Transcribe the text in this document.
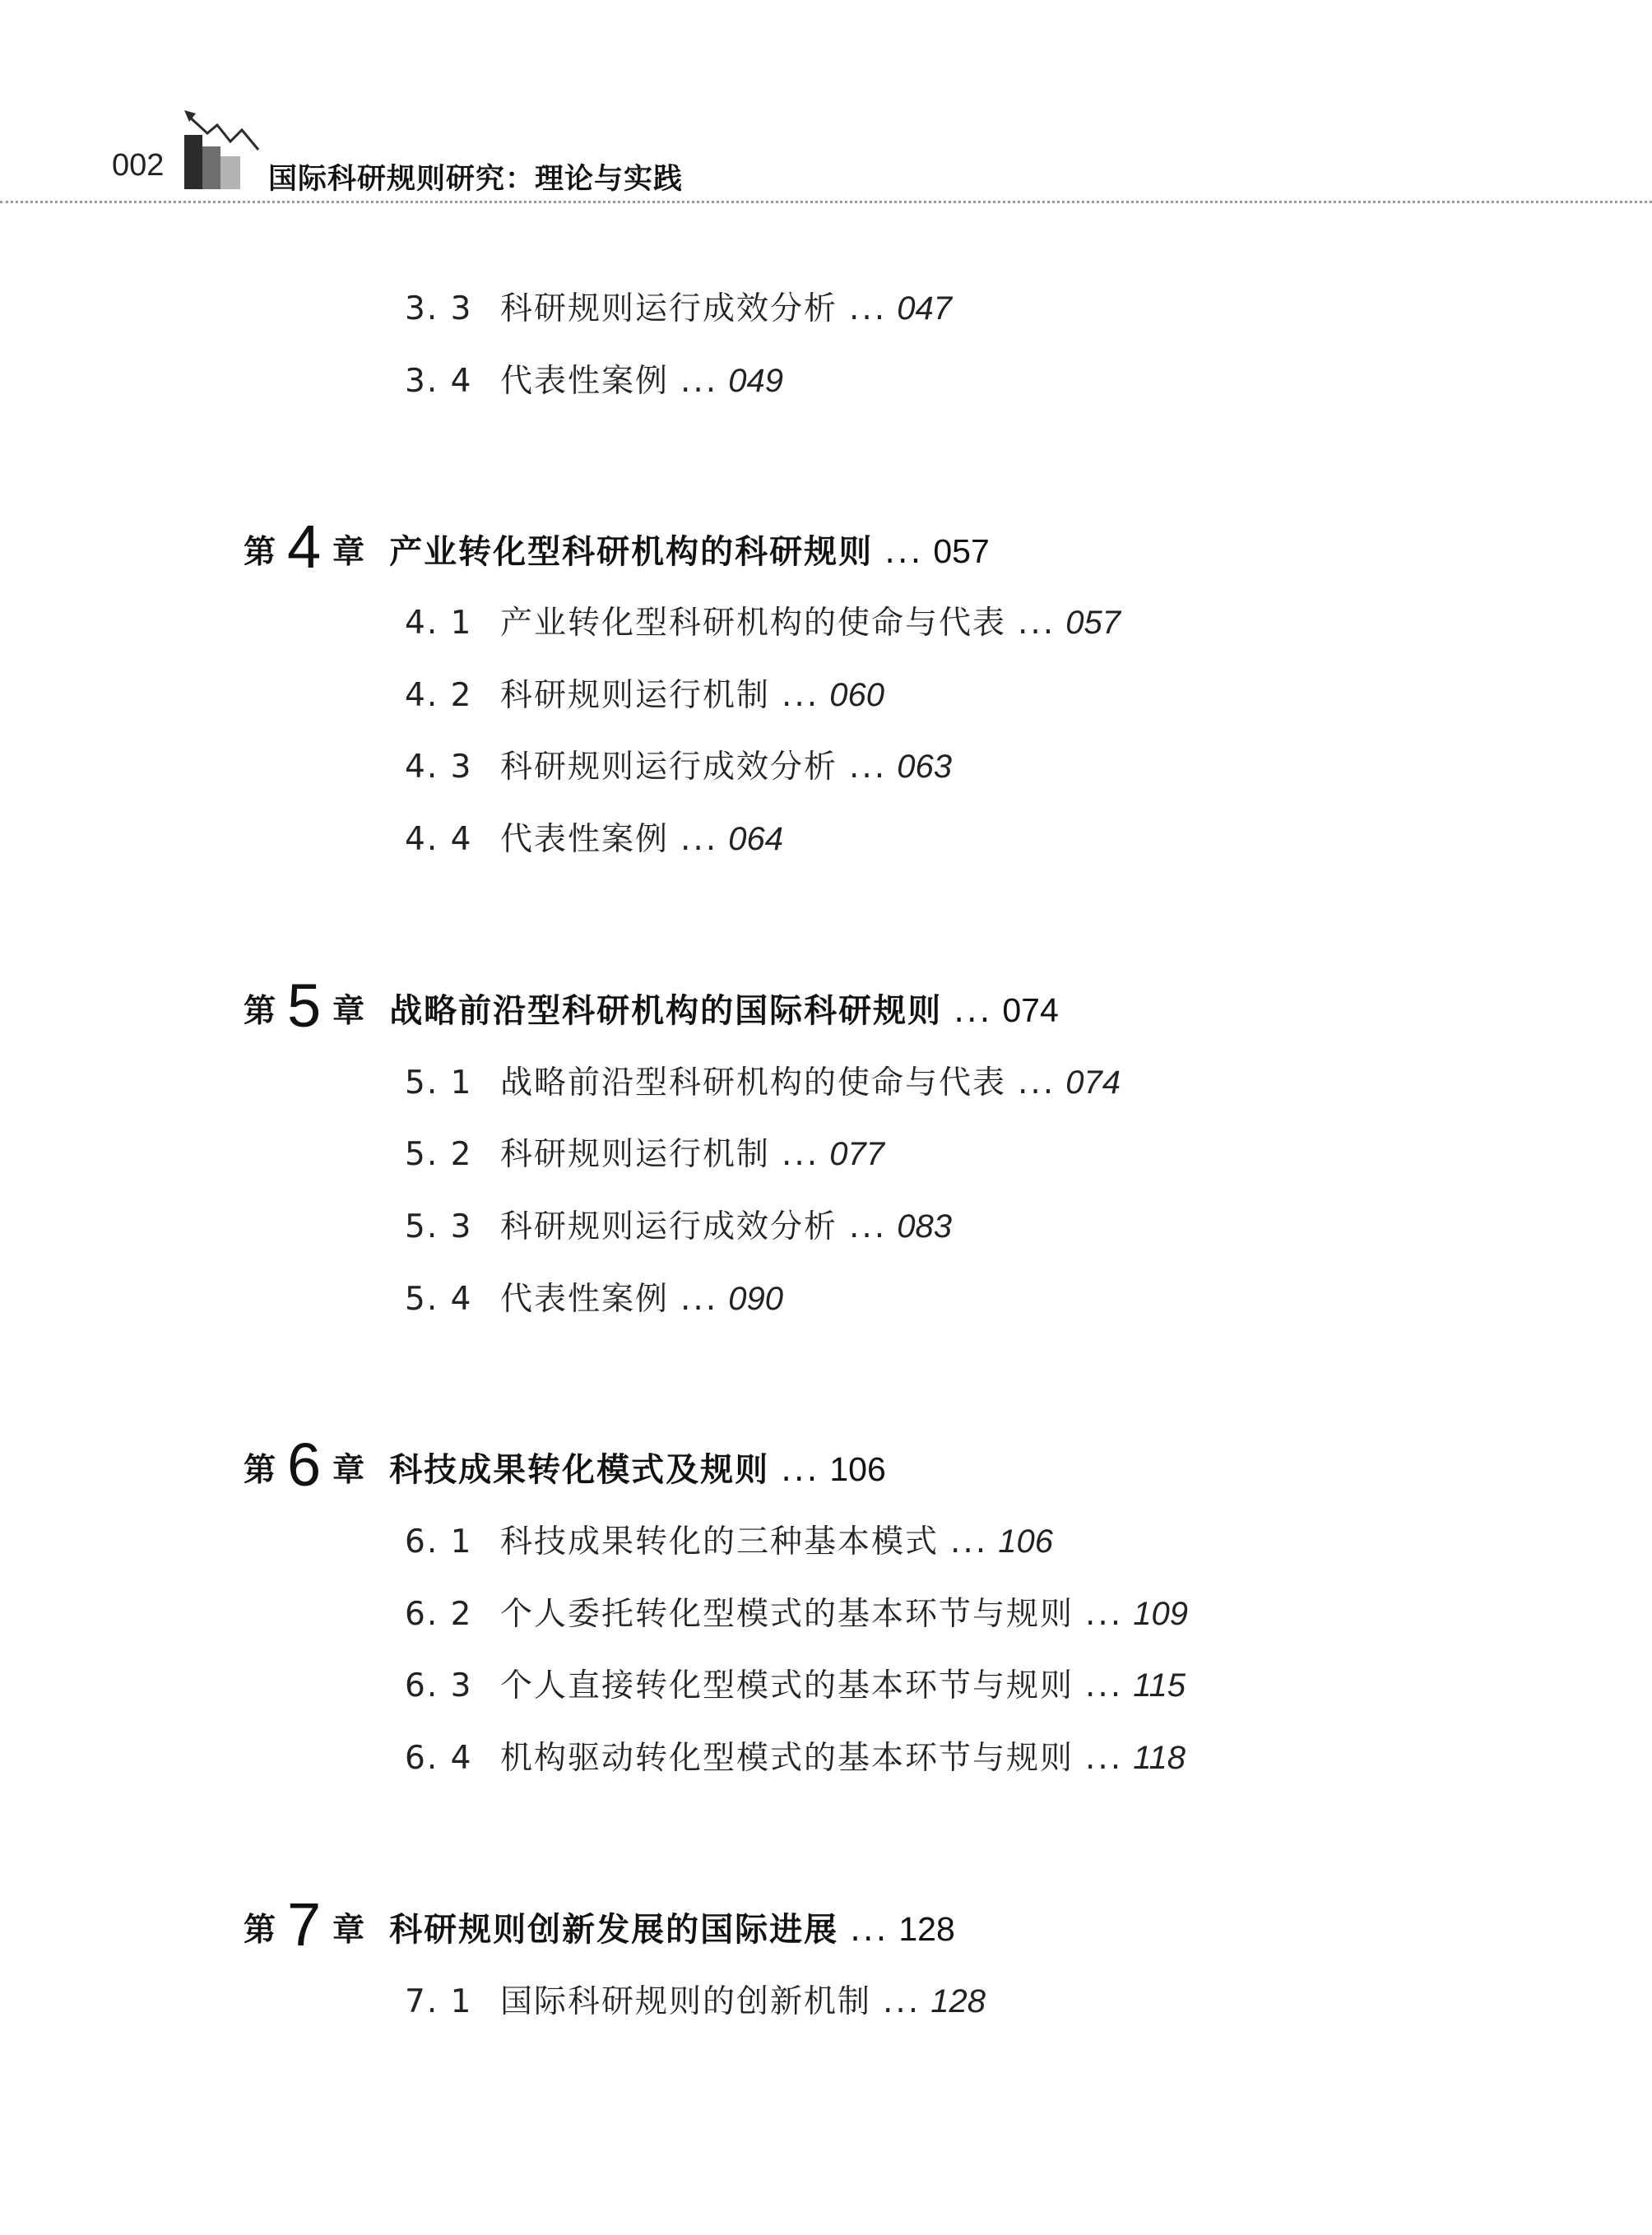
002	国际科研规则研究：理论与实践
3. 3 科研规则运行成效分析 ... 047
3. 4 代表性案例 ... 049
第 4 章 产业转化型科研机构的科研规则 ... 057
4. 1 产业转化型科研机构的使命与代表 ... 057
4. 2 科研规则运行机制 ... 060
4. 3 科研规则运行成效分析 ... 063
4. 4 代表性案例 ... 064
第 5 章 战略前沿型科研机构的国际科研规则 ... 074
5. 1 战略前沿型科研机构的使命与代表 ... 074
5. 2 科研规则运行机制 ... 077
5. 3 科研规则运行成效分析 ... 083
5. 4 代表性案例 ... 090
第 6 章 科技成果转化模式及规则 ... 106
6. 1 科技成果转化的三种基本模式 ... 106
6. 2 个人委托转化型模式的基本环节与规则 ... 109
6. 3 个人直接转化型模式的基本环节与规则 ... 115
6. 4 机构驱动转化型模式的基本环节与规则 ... 118
第 7 章 科研规则创新发展的国际进展 ... 128
7. 1 国际科研规则的创新机制 ... 128
